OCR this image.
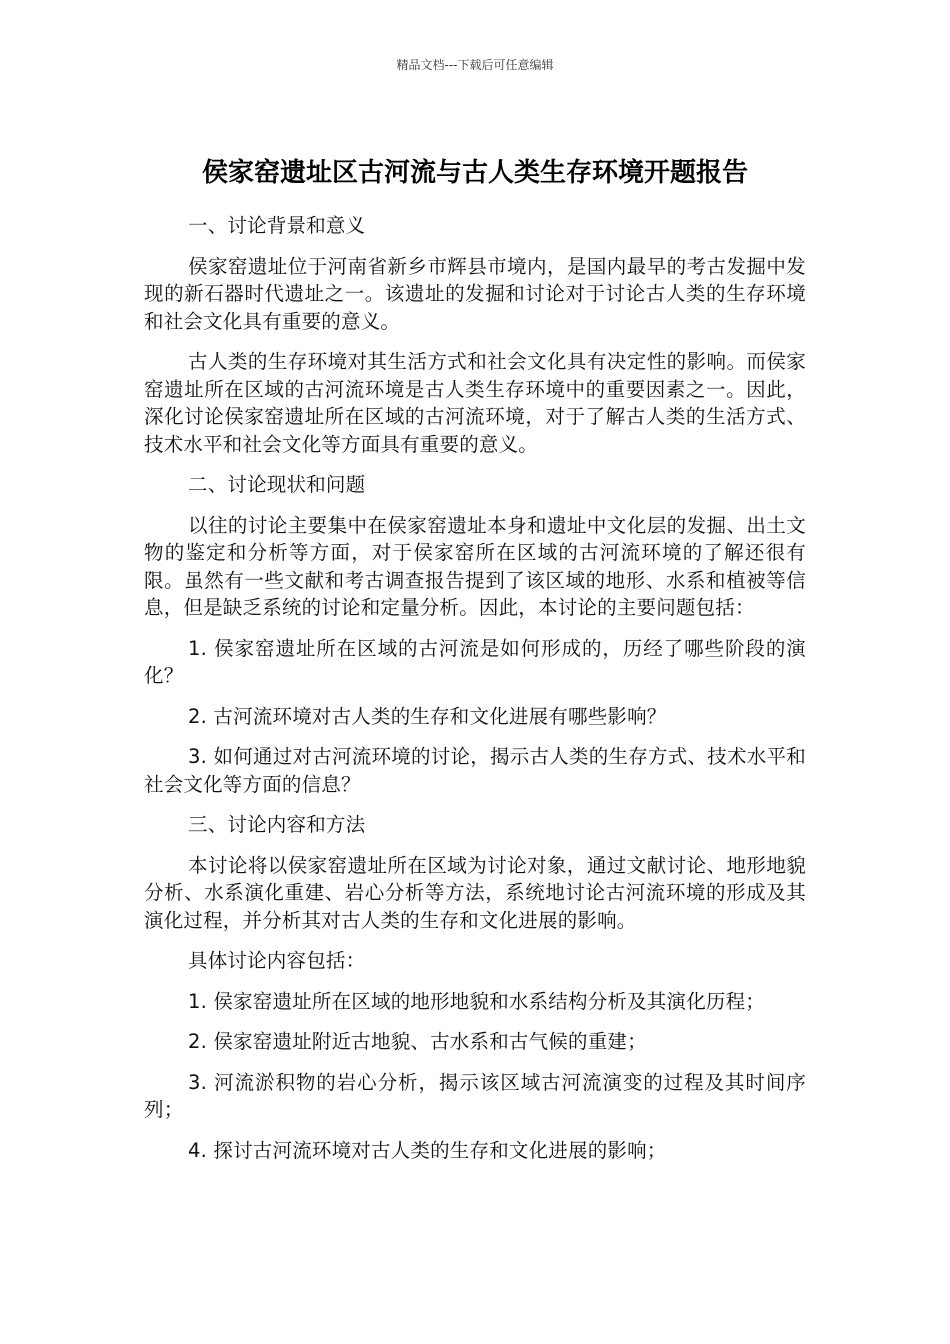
精品文档---下载后可任意编辑
侯家窑遗址区古河流与古人类生存环境开题报告

一、讨论背景和意义

侯家窑遗址位于河南省新乡市辉县市境内，是国内最早的考古发掘中发现的新石器时代遗址之一。该遗址的发掘和讨论对于讨论古人类的生存环境和社会文化具有重要的意义。

古人类的生存环境对其生活方式和社会文化具有决定性的影响。而侯家窑遗址所在区域的古河流环境是古人类生存环境中的重要因素之一。因此，深化讨论侯家窑遗址所在区域的古河流环境，对于了解古人类的生活方式、技术水平和社会文化等方面具有重要的意义。

二、讨论现状和问题

以往的讨论主要集中在侯家窑遗址本身和遗址中文化层的发掘、出土文物的鉴定和分析等方面，对于侯家窑所在区域的古河流环境的了解还很有限。虽然有一些文献和考古调查报告提到了该区域的地形、水系和植被等信息，但是缺乏系统的讨论和定量分析。因此，本讨论的主要问题包括：

1. 侯家窑遗址所在区域的古河流是如何形成的，历经了哪些阶段的演化？

2. 古河流环境对古人类的生存和文化进展有哪些影响？

3. 如何通过对古河流环境的讨论，揭示古人类的生存方式、技术水平和社会文化等方面的信息？

三、讨论内容和方法

本讨论将以侯家窑遗址所在区域为讨论对象，通过文献讨论、地形地貌分析、水系演化重建、岩心分析等方法，系统地讨论古河流环境的形成及其演化过程，并分析其对古人类的生存和文化进展的影响。

具体讨论内容包括：

1. 侯家窑遗址所在区域的地形地貌和水系结构分析及其演化历程；

2. 侯家窑遗址附近古地貌、古水系和古气候的重建；

3. 河流淤积物的岩心分析，揭示该区域古河流演变的过程及其时间序列；

4. 探讨古河流环境对古人类的生存和文化进展的影响；
